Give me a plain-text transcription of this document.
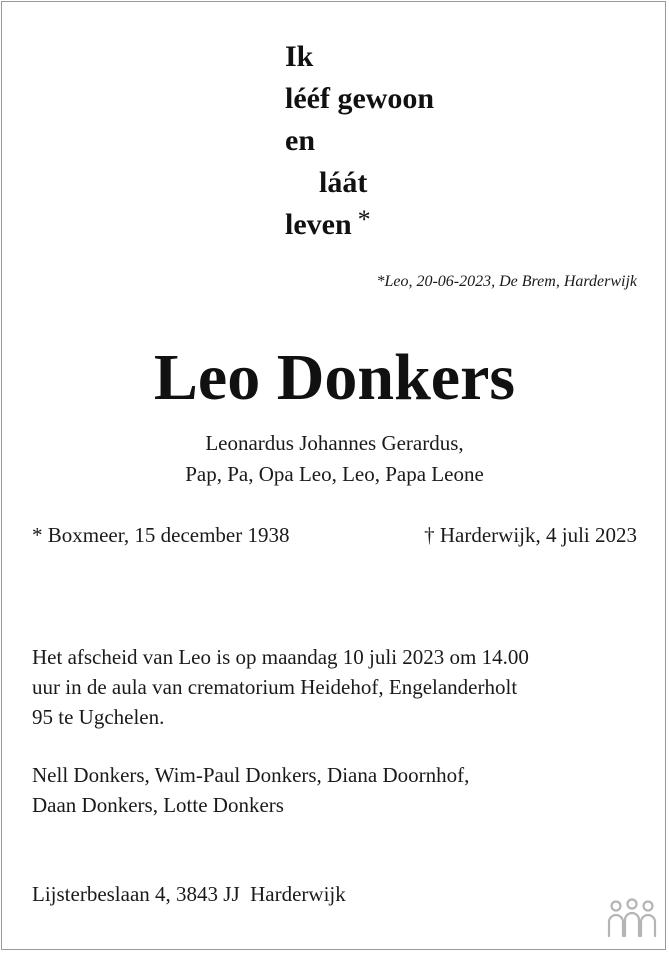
Ik
lééf gewoon
en
láát
leven *
*Leo, 20-06-2023, De Brem, Harderwijk
Leo Donkers
Leonardus Johannes Gerardus,
Pap, Pa, Opa Leo, Leo, Papa Leone
* Boxmeer, 15 december 1938	† Harderwijk, 4 juli 2023
Het afscheid van Leo is op maandag 10 juli 2023 om 14.00
uur in de aula van crematorium Heidehof, Engelanderholt
95 te Ugchelen.
Nell Donkers, Wim-Paul Donkers, Diana Doornhof,
Daan Donkers, Lotte Donkers
Lijsterbeslaan 4, 3843 JJ  Harderwijk
